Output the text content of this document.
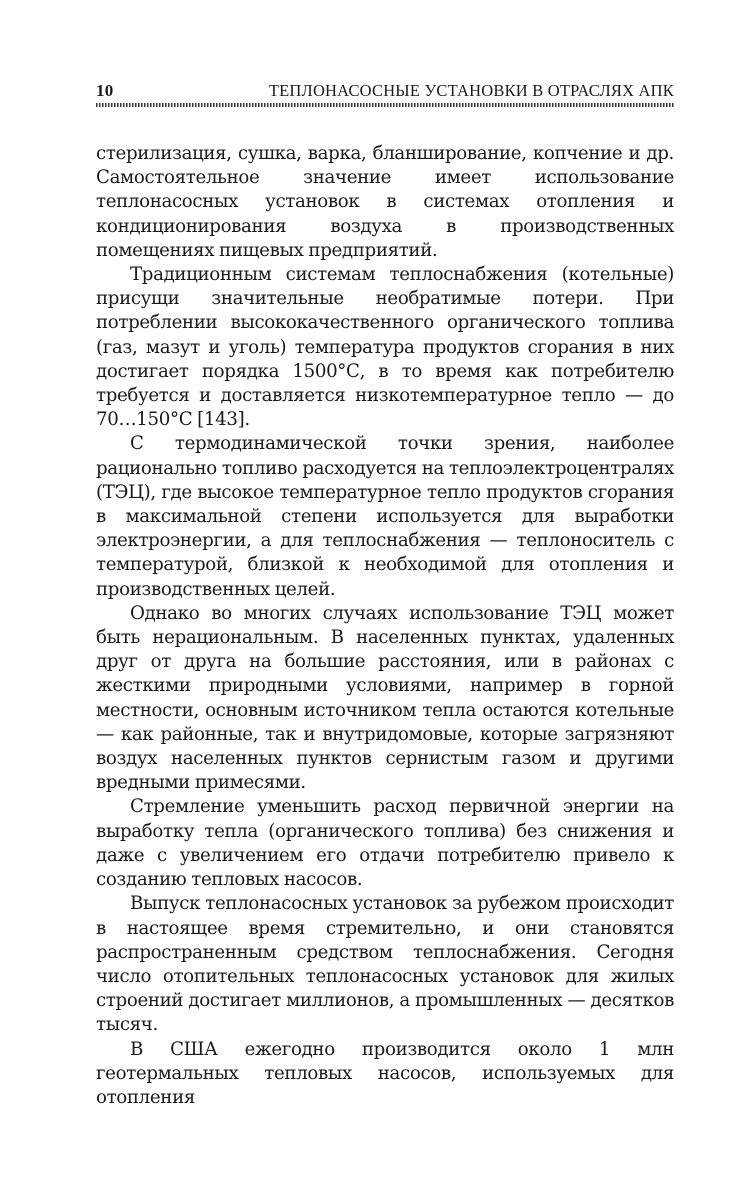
10	ТЕПЛОНАСОСНЫЕ УСТАНОВКИ В ОТРАСЛЯХ АПК

стерилизация, сушка, варка, бланширование, копчение и др. Самостоятельное значение имеет использование теплонасосных установок в системах отопления и кондиционирования воздуха в производственных помещениях пищевых предприятий.

Традиционным системам теплоснабжения (котельные) присущи значительные необратимые потери. При потреблении высококачественного органического топлива (газ, мазут и уголь) температура продуктов сгорания в них достигает порядка 1500°С, в то время как потребителю требуется и доставляется низкотемпературное тепло — до 70…150°С [143].

С термодинамической точки зрения, наиболее рационально топливо расходуется на теплоэлектроцентралях (ТЭЦ), где высокое температурное тепло продуктов сгорания в максимальной степени используется для выработки электроэнергии, а для теплоснабжения — теплоноситель с температурой, близкой к необходимой для отопления и производственных целей.

Однако во многих случаях использование ТЭЦ может быть нерациональным. В населенных пунктах, удаленных друг от друга на большие расстояния, или в районах с жесткими природными условиями, например в горной местности, основным источником тепла остаются котельные — как районные, так и внутридомовые, которые загрязняют воздух населенных пунктов сернистым газом и другими вредными примесями.

Стремление уменьшить расход первичной энергии на выработку тепла (органического топлива) без снижения и даже с увеличением его отдачи потребителю привело к созданию тепловых насосов.

Выпуск теплонасосных установок за рубежом происходит в настоящее время стремительно, и они становятся распространенным средством теплоснабжения. Сегодня число отопительных теплонасосных установок для жилых строений достигает миллионов, а промышленных — десятков тысяч.

В США ежегодно производится около 1 млн геотермальных тепловых насосов, используемых для отопления
